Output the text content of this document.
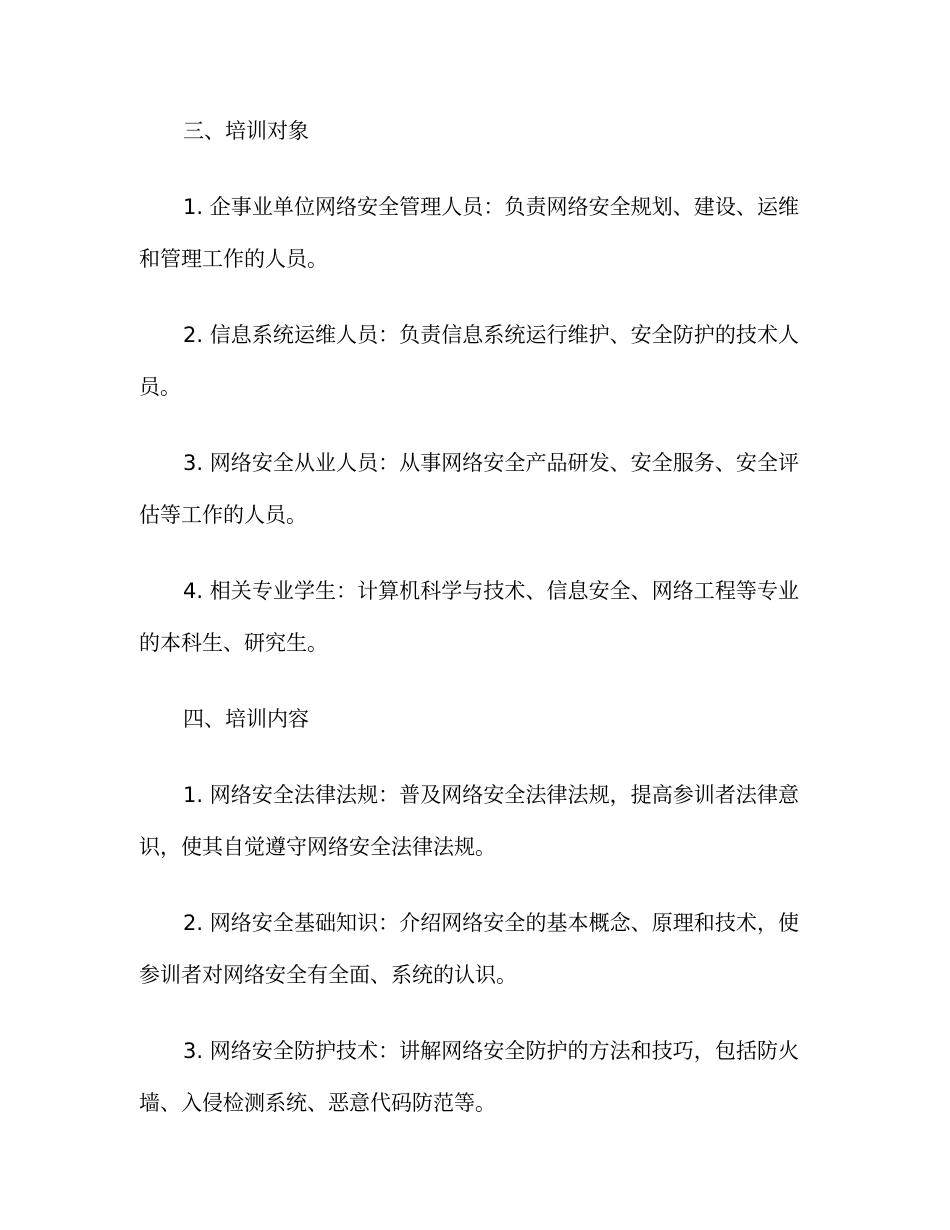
三、培训对象

1. 企事业单位网络安全管理人员：负责网络安全规划、建设、运维和管理工作的人员。

2. 信息系统运维人员：负责信息系统运行维护、安全防护的技术人员。

3. 网络安全从业人员：从事网络安全产品研发、安全服务、安全评估等工作的人员。

4. 相关专业学生：计算机科学与技术、信息安全、网络工程等专业的本科生、研究生。

四、培训内容

1. 网络安全法律法规：普及网络安全法律法规，提高参训者法律意识，使其自觉遵守网络安全法律法规。

2. 网络安全基础知识：介绍网络安全的基本概念、原理和技术，使参训者对网络安全有全面、系统的认识。

3. 网络安全防护技术：讲解网络安全防护的方法和技巧，包括防火墙、入侵检测系统、恶意代码防范等。
